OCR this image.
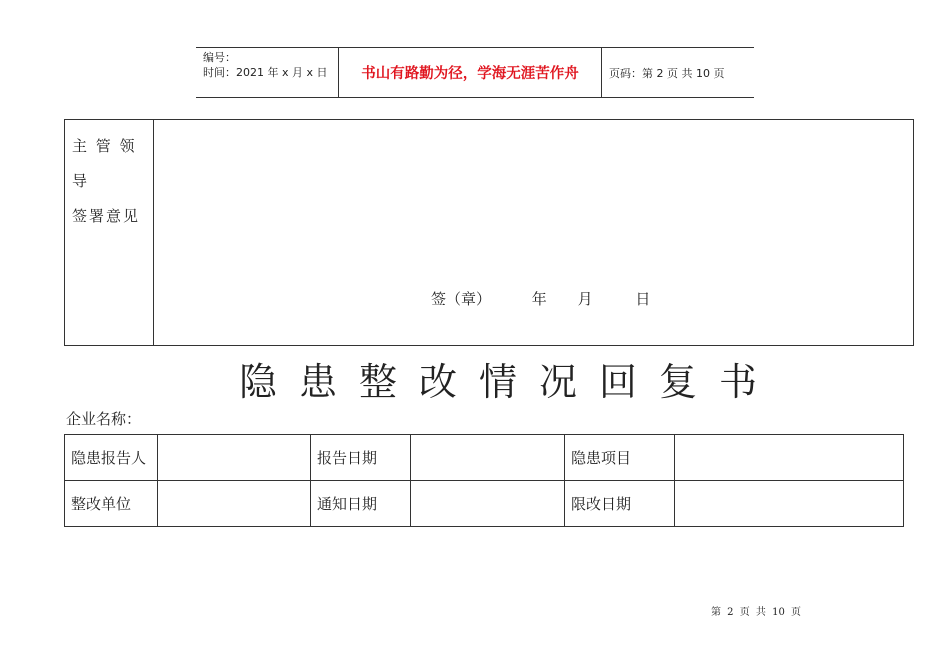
编号：
时间：2021 年 x 月 x 日	书山有路勤为径，学海无涯苦作舟	页码：第 2 页 共 10 页
主 管 领 导
签署意见
签（章）	年 月	日
隐患整改情况回复书
企业名称：
隐患报告人		报告日期		隐患项目	
整改单位		通知日期		限改日期	
第 2 页 共 10 页
